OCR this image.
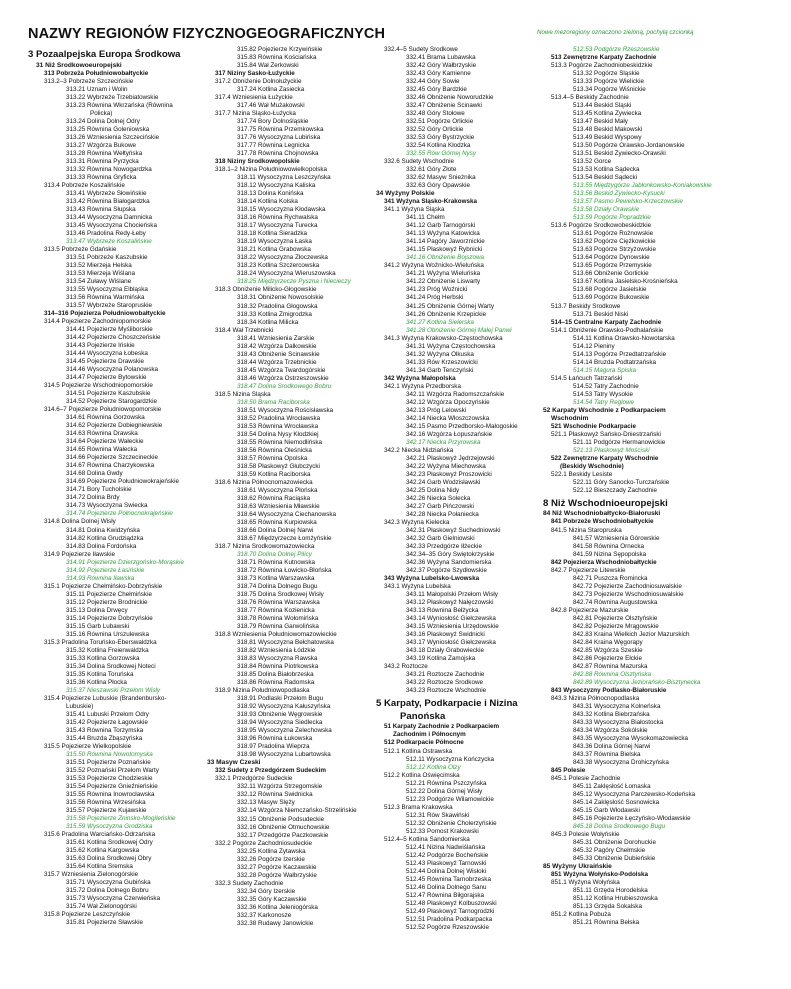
NAZWY REGIONÓW FIZYCZNOGEOGRAFICZNYCH	Nowe mezoregiony oznaczono zieloną, pochyłą czcionką
3 Pozaalpejska Europa Środkowa
31 Niż Środkowoeuropejski
313 Pobrzeża Południowobałtyckie
313.2–3 Pobrzeże Szczecińskie
313.21 Uznam i Wolin
313.22 Wybrzeże Trzebiatowskie
313.23 Równina Wkrzańska (Równina
Policka)
313.24 Dolina Dolnej Odry
313.25 Równina Goleniowska
313.26 Wzniesienia Szczecińskie
313.27 Wzgórza Bukowe
313.28 Równina Wełtyńska
313.31 Równina Pyrzycka
313.32 Równina Nowogardzka
313.33 Równina Gryficka
313.4 Pobrzeże Koszalińskie
313.41 Wybrzeże Słowińskie
313.42 Równina Białogardzka
313.43 Równina Słupska
313.44 Wysoczyzna Damnicka
313.45 Wysoczyzna Chocieńska
313.46 Pradolina Redy-Łeby
313.47 Wybrzeże Koszalińskie
313.5 Pobrzeże Gdańskie
313.51 Pobrzeże Kaszubskie
313.52 Mierzeja Helska
313.53 Mierzeja Wiślana
313.54 Żuławy Wiślane
313.55 Wysoczyzna Elbląska
313.56 Równina Warmińska
313.57 Wybrzeże Staropruskie
314–316 Pojezierza Południowobałtyckie
314.4 Pojezierze Zachodniopomorskie
314.41 Pojezierze Myśliborskie
314.42 Pojezierze Choszczeńskie
314.43 Pojezierze Ińskie
314.44 Wysoczyzna Łobeska
314.45 Pojezierze Drawskie
314.46 Wysoczyzna Polanowska
314.47 Pojezierze Bytowskie
314.5 Pojezierze Wschodniopomorskie
314.51 Pojezierze Kaszubskie
314.52 Pojezierze Starogardzkie
314.6–7 Pojezierze Południowopomorskie
314.61 Równina Gorzowska
314.62 Pojezierze Dobiegniewskie
314.63 Równina Drawska
314.64 Pojezierze Wałeckie
314.65 Równina Wałecka
314.66 Pojezierze Szczecineckie
314.67 Równina Charzykowska
314.68 Dolina Gwdy
314.69 Pojezierze Południowokrajeńskie
314.71 Bory Tucholskie
314.72 Dolina Brdy
314.73 Wysoczyzna Świecka
314.74 Pojezierze Północnokrajeńskie
314.8 Dolina Dolnej Wisły
314.81 Dolina Kwidzyńska
314.82 Kotlina Grudziądzka
314.83 Dolina Fordońska
314.9 Pojezierze Iławskie
314.91 Pojezierze Dzierzgońsko-Morąskie
314.92 Pojezierze Łasińskie
314.93 Równina Iławska
315.1 Pojezierze Chełmińsko-Dobrzyńskie
315.11 Pojezierze Chełmińskie
315.12 Pojezierze Brodnickie
315.13 Dolina Drwęcy
315.14 Pojezierze Dobrzyńskie
315.15 Garb Lubawski
315.16 Równina Urszulewska
315.3 Pradolina Toruńsko-Eberswaldzka
315.32 Kotlina Freienwaldzka
315.33 Kotlina Gorzowska
315.34 Dolina Środkowej Noteci
315.35 Kotlina Toruńska
315.36 Kotlina Płocka
315.37 Nieszawski Przełom Wisły
315.4 Pojezierze Lubuskie (Brandenbursko-
Lubuskie)
315.41 Lubuski Przełom Odry
315.42 Pojezierze Łagowskie
315.43 Równina Torzymska
315.44 Bruzda Zbąszyńska
315.5 Pojezierze Wielkopolskie
315.50 Równina Nowotomyska
315.51 Pojezierze Poznańskie
315.52 Poznański Przełom Warty
315.53 Pojezierze Chodzieskie
315.54 Pojezierze Gnieźnieńskie
315.55 Równina Inowrocławska
315.56 Równina Wrzesińska
315.57 Pojezierze Kujawskie
315.58 Pojezierze Zninsko-Mogileńskie
315.59 Wysoczyzna Grodziska
315.6 Pradolina Warciańsko-Odrzańska
315.61 Kotlina Środkowej Odry
315.62 Kotlina Kargowska
315.63 Dolina Środkowej Obry
315.64 Kotlina Śremska
315.7 Wzniesienia Zielonogórskie
315.71 Wysoczyzna Gubińska
315.72 Dolina Dolnego Bobru
315.73 Wysoczyzna Czerwieńska
315.74 Wał Zielonogórski
315.8 Pojezierze Leszczyńskie
315.81 Pojezierze Sławskie
315.82 Pojezierze Krzywińskie
315.83 Równina Kościańska
315.84 Wał Żerkowski
317 Niziny Sasko-Łużyckie
317.2 Obniżenie Dolnołużyckie
317.24 Kotlina Zasiecka
317.4 Wzniesienia Łużyckie
317.46 Wał Mużakowski
317.7 Nizina Śląsko-Łużycka
317.74 Bory Dolnośląskie
317.75 Równina Przemkowska
317.76 Wysoczyzna Lubińska
317.77 Równina Legnicka
317.78 Równina Chojnowska
318 Niziny Środkowopolskie
318.1–2 Nizina Południowowielkopolska
318.11 Wysoczyzna Leszczyńska
318.12 Wysoczyzna Kaliska
318.13 Dolina Konińska
318.14 Kotlina Kolska
318.15 Wysoczyzna Kłodawska
318.16 Równina Rychwalska
318.17 Wysoczyzna Turecka
318.18 Kotlina Sieradzka
318.19 Wysoczyzna Łaska
318.21 Kotlina Grabowska
318.22 Wysoczyzna Złoczewska
318.23 Kotlina Szczercowska
318.24 Wysoczyzna Wieruszowska
318.25 Międzyrzecze Pyszna i Niecieczy
318.3 Obniżenie Milicko-Głogowskie
318.31 Obniżenie Nowosolskie
318.32 Pradolina Głogowska
318.33 Kotlina Żmigrodzka
318.34 Kotlina Milicka
318.4 Wał Trzebnicki
318.41 Wzniesienia Żarskie
318.42 Wzgórza Dalkowskie
318.43 Obniżenie Ścinawskie
318.44 Wzgórza Trzebnickie
318.45 Wzgórza Twardogórskie
318.46 Wzgórza Ostrzeszowskie
318.47 Dolina Środkowego Bobru
318.5 Nizina Śląska
318.50 Brama Raciborska
318.51 Wysoczyzna Rościsławska
318.52 Pradolina Wrocławska
318.53 Równina Wrocławska
318.54 Dolina Nysy Kłodzkiej
318.55 Równina Niemodlińska
318.56 Równina Oleśnicka
318.57 Równina Opolska
318.58 Płaskowyż Głubczycki
318.59 Kotlina Raciborska
318.6 Nizina Północnomazowiecka
318.61 Wysoczyzna Płońska
318.62 Równina Raciąska
318.63 Wzniesienia Mławskie
318.64 Wysoczyzna Ciechanowska
318.65 Równina Kurpiowska
318.66 Dolina Dolnej Narwi
318.67 Międzyrzecze Łomżyńskie
318.7 Nizina Środkowomazowiecka
318.70 Dolina Dolnej Pilicy
318.71 Równina Kutnowska
318.72 Równina Łowicko-Błońska
318.73 Kotlina Warszawska
318.74 Dolina Dolnego Bugu
318.75 Dolina Środkowej Wisły
318.76 Równina Warszawska
318.77 Równina Kozienicka
318.78 Równina Wołomińska
318.79 Równina Garwolińska
318.8 Wzniesienia Południowomazowieckie
318.81 Wysoczyzna Bełchatowska
318.82 Wzniesienia Łódzkie
318.83 Wysoczyzna Rawska
318.84 Równina Piotrkowska
318.85 Dolina Białobrzeska
318.86 Równina Radomska
318.9 Nizina Południowopodlaska
318.91 Podlaski Przełom Bugu
318.92 Wysoczyzna Kałuszyńska
318.93 Obniżenie Węgrowskie
318.94 Wysoczyzna Siedlecka
318.95 Wysoczyzna Żelechowska
318.96 Równina Łukowska
318.97 Pradolina Wieprza
318.98 Wysoczyzna Lubartowska
33 Masyw Czeski
332 Sudety z Przedgórzem Sudeckim
332.1 Przedgórze Sudeckie
332.11 Wzgórza Strzegomskie
332.12 Równina Świdnicka
332.13 Masyw Ślęży
332.14 Wzgórza Niemczańsko-Strzelińskie
332.15 Obniżenie Podsudeckie
332.16 Obniżenie Otmuchowskie
332.17 Przedgórze Paczkowskie
332.2 Pogórze Zachodniosudeckie
332.25 Kotlina Żytawska
332.26 Pogórze Izerskie
332.27 Pogórze Kaczawskie
332.28 Pogórze Wałbrzyskie
332.3 Sudety Zachodnie
332.34 Góry Izerskie
332.35 Góry Kaczawskie
332.36 Kotlina Jeleniogórska
332.37 Karkonosze
332.38 Rudawy Janowickie
332.4–5 Sudety Środkowe
332.41 Brama Lubawska
332.42 Góry Wałbrzyskie
332.43 Góry Kamienne
332.44 Góry Sowie
332.45 Góry Bardzkie
332.46 Obniżenie Noworudzkie
332.47 Obniżenie Ścinawki
332.48 Góry Stołowe
332.51 Pogórze Orlickie
332.52 Góry Orlickie
332.53 Góry Bystrzyckie
332.54 Kotlina Kłodzka
332.55 Rów Górnej Nysy
332.6 Sudety Wschodnie
332.61 Góry Złote
332.62 Masyw Śnieżnika
332.63 Góry Opawskie
34 Wyżyny Polskie
341 Wyżyna Śląsko-Krakowska
341.1 Wyżyna Śląska
341.11 Chełm
341.12 Garb Tarnogórski
341.13 Wyżyna Katowicka
341.14 Pagóry Jaworznickie
341.15 Płaskowyż Rybnicki
341.16 Obniżenie Bojszowa
341.2 Wyżyna Woźnicko-Wieluńska
341.21 Wyżyna Wieluńska
341.22 Obniżenie Liswarty
341.23 Próg Woźnicki
341.24 Próg Herbski
341.25 Obniżenie Górnej Warty
341.26 Obniżenie Krzepickie
341.27 Kotlina Sielerska
341.28 Obniżenie Górnej Małej Panwi
341.3 Wyżyna Krakowsko-Częstochowska
341.31 Wyżyna Częstochowska
341.32 Wyżyna Olkuska
341.33 Rów Krzeszowicki
341.34 Garb Tenczyński
342 Wyżyna Małopolska
342.1 Wyżyna Przedborska
342.11 Wzgórza Radomszczańskie
342.12 Wzgórza Opoczyńskie
342.13 Próg Lelowski
342.14 Niecka Włoszczowska
342.15 Pasmo Przedborsko-Małogoskie
342.16 Wzgórza Łopuszańskie
342.17 Niecka Przyrowska
342.2 Niecka Nidziańska
342.21 Płaskowyż Jędrzejowski
342.22 Wyżyna Miechowska
342.23 Płaskowyż Proszowicki
342.24 Garb Wodzisławski
342.25 Dolina Nidy
342.26 Niecka Solecka
342.27 Garb Pińczowski
342.28 Niecka Połaniecka
342.3 Wyżyna Kielecka
342.31 Płaskowyż Suchedniowski
342.32 Garb Gielniowski
342.33 Przedgórze Iłżeckie
342.34–35 Góry Świętokrzyskie
342.36 Wyżyna Sandomierska
342.37 Pogórze Szydłowskie
343 Wyżyna Lubelsko-Lwowska
343.1 Wyżyna Lubelska
343.11 Małopolski Przełom Wisły
343.12 Płaskowyż Nałęczowski
343.13 Równina Bełżycka
343.14 Wyniosłość Giełczewska
343.15 Wzniesienia Urzędowskie
343.16 Płaskowyż Świdnicki
343.17 Wyniosłość Giełczewska
343.18 Działy Grabowieckie
343.19 Kotlina Zamojska
343.2 Roztocze
343.21 Roztocze Zachodnie
343.22 Roztocze Środkowe
343.23 Roztocze Wschodnie
5 Karpaty, Podkarpacie i Nizina Panońska
51 Karpaty Zachodnie z Podkarpaciem
Zachodnim i Północnym
512 Podkarpacie Północne
512.1 Kotlina Ostrawska
512.11 Wysoczyzna Kończycka
512.12 Kotlina Olzy
512.2 Kotlina Oświęcimska
512.21 Równina Pszczyńska
512.22 Dolina Górnej Wisły
512.23 Podgórze Wilamowickie
512.3 Brama Krakowska
512.31 Rów Skawiński
512.32 Obniżenie Cholerzyńskie
512.33 Pomost Krakowski
512.4–5 Kotlina Sandomierska
512.41 Nizina Nadwiślańska
512.42 Podgórze Bocheńskie
512.43 Płaskowyż Tarnowski
512.44 Dolina Dolnej Wisłoki
512.45 Równina Tarnobrzeska
512.46 Dolina Dolnego Sanu
512.47 Równina Biłgorajska
512.48 Płaskowyż Kolbuszowski
512.49 Płaskowyż Tarnogrodzki
512.51 Pradolina Podkarpacka
512.52 Pogórze Rzeszowskie
512.53 Podgórze Rzeszowskie
513 Zewnętrzne Karpaty Zachodnie
513.3 Pogórze Zachodniobeskidzkie
513.32 Pogórze Śląskie
513.33 Pogórze Wielickie
513.34 Pogórze Wiśnickie
513.4–5 Beskidy Zachodnie
513.44 Beskid Śląski
513.45 Kotlina Żywiecka
513.47 Beskid Mały
513.48 Beskid Makowski
513.49 Beskid Wyspowy
513.50 Pogórze Orawsko-Jordanowskie
513.51 Beskid Żywiecko-Orawski
513.52 Gorce
513.53 Kotlina Sądecka
513.54 Beskid Sądecki
513.55 Międzygórze Jabłonkowsko-Koniakowskie
513.56 Beskid Żywiecko-Kysucki
513.57 Pasmo Pewelsko-Krzeczowskie
513.58 Działy Orawskie
513.59 Pogórze Popradzkie
513.6 Pogórze Środkowobeskidzkie
513.61 Pogórze Rożnowskie
513.62 Pogórze Ciężkowickie
513.63 Pogórze Strzyżowskie
513.64 Pogórze Dynowskie
513.65 Pogórze Przemyskie
513.66 Obniżenie Gorlickie
513.67 Kotlina Jasielsko-Krośnieńska
513.68 Pogórze Jasielskie
513.69 Pogórze Bukowskie
513.7 Beskidy Środkowe
513.71 Beskid Niski
514–15 Centralne Karpaty Zachodnie
514.1 Obniżenie Orawsko-Podhalańskie
514.11 Kotlina Orawsko-Nowotarska
514.12 Pieniny
514.13 Pogórze Przedtatrzańskie
514.14 Bruzda Podtatrzańska
514.15 Magura Spiska
514.5 Łańcuch Tatrzański
514.52 Tatry Zachodnie
514.53 Tatry Wysokie
514.54 Tatry Reglowe
52 Karpaty Wschodnie z Podkarpaciem
Wschodnim
521 Wschodnie Podkarpacie
521.1 Płaskowyż Sańsko-Dniestrzański
521.11 Podgórze Hermanowickie
521.13 Płaskowyż Mościski
522 Zewnętrzne Karpaty Wschodnie
(Beskidy Wschodnie)
522.1 Beskidy Lesiste
522.11 Góry Sanocko-Turczańskie
522.12 Bieszczady Zachodnie
8 Niż Wschodnioeuropejski
84 Niż Wschodniobałtycko-Białoruski
841 Pobrzeże Wschodniobałtyckie
841.5 Nizina Staropruska
841.57 Wzniesienia Górowskie
841.58 Równina Ornecka
841.59 Nizina Sępopolska
842 Pojezierza Wschodniobałtyckie
842.7 Pojezierze Litewskie
842.71 Puszcza Romincka
842.72 Pojezierze Zachodniosuwalskie
842.73 Pojezierze Wschodniosuwalskie
842.74 Równina Augustowska
842.8 Pojezierze Mazurskie
842.81 Pojezierze Olsztyńskie
842.82 Pojezierze Mrągowskie
842.83 Kraina Wielkich Jezior Mazurskich
842.84 Kraina Węgorapy
842.85 Wzgórza Szeskie
842.86 Pojezierze Ełckie
842.87 Równina Mazurska
842.88 Równina Olsztyńska
842.89 Wysoczyzna Jeziorańsko-Bisztynecka
843 Wysoczyzny Podlasko-Białoruskie
843.3 Nizina Północnopodlaska
843.31 Wysoczyzna Kolneńska
843.32 Kotlina Biebrzańska
843.33 Wysoczyzna Białostocka
843.34 Wzgórza Sokólskie
843.35 Wysoczyzna Wysokomazowiecka
843.36 Dolina Górnej Narwi
843.37 Równina Bielska
843.38 Wysoczyzna Drohiczyńska
845 Polesie
845.1 Polesie Zachodnie
845.11 Zaklęsłość Łomaska
845.12 Wysoczyzna Parczewsko-Kodeńska
845.14 Zaklęsłość Sosnowicka
845.15 Garb Włodawski
845.16 Pojezierze Łęczyńsko-Włodawskie
845.18 Dolina Środkowego Bugu
845.3 Polesie Wołyńskie
845.31 Obniżenie Dorohuckie
845.32 Pagóry Chełmskie
845.33 Obniżenie Dubieńskie
85 Wyżyny Ukraińskie
851 Wyżyna Wołyńsko-Podolska
851.1 Wyżyna Wołyńska
851.11 Grzęda Horodelska
851.12 Kotlina Hrubieszowska
851.13 Grzęda Sokalska
851.2 Kotlina Pobuża
851.21 Równina Bełska
